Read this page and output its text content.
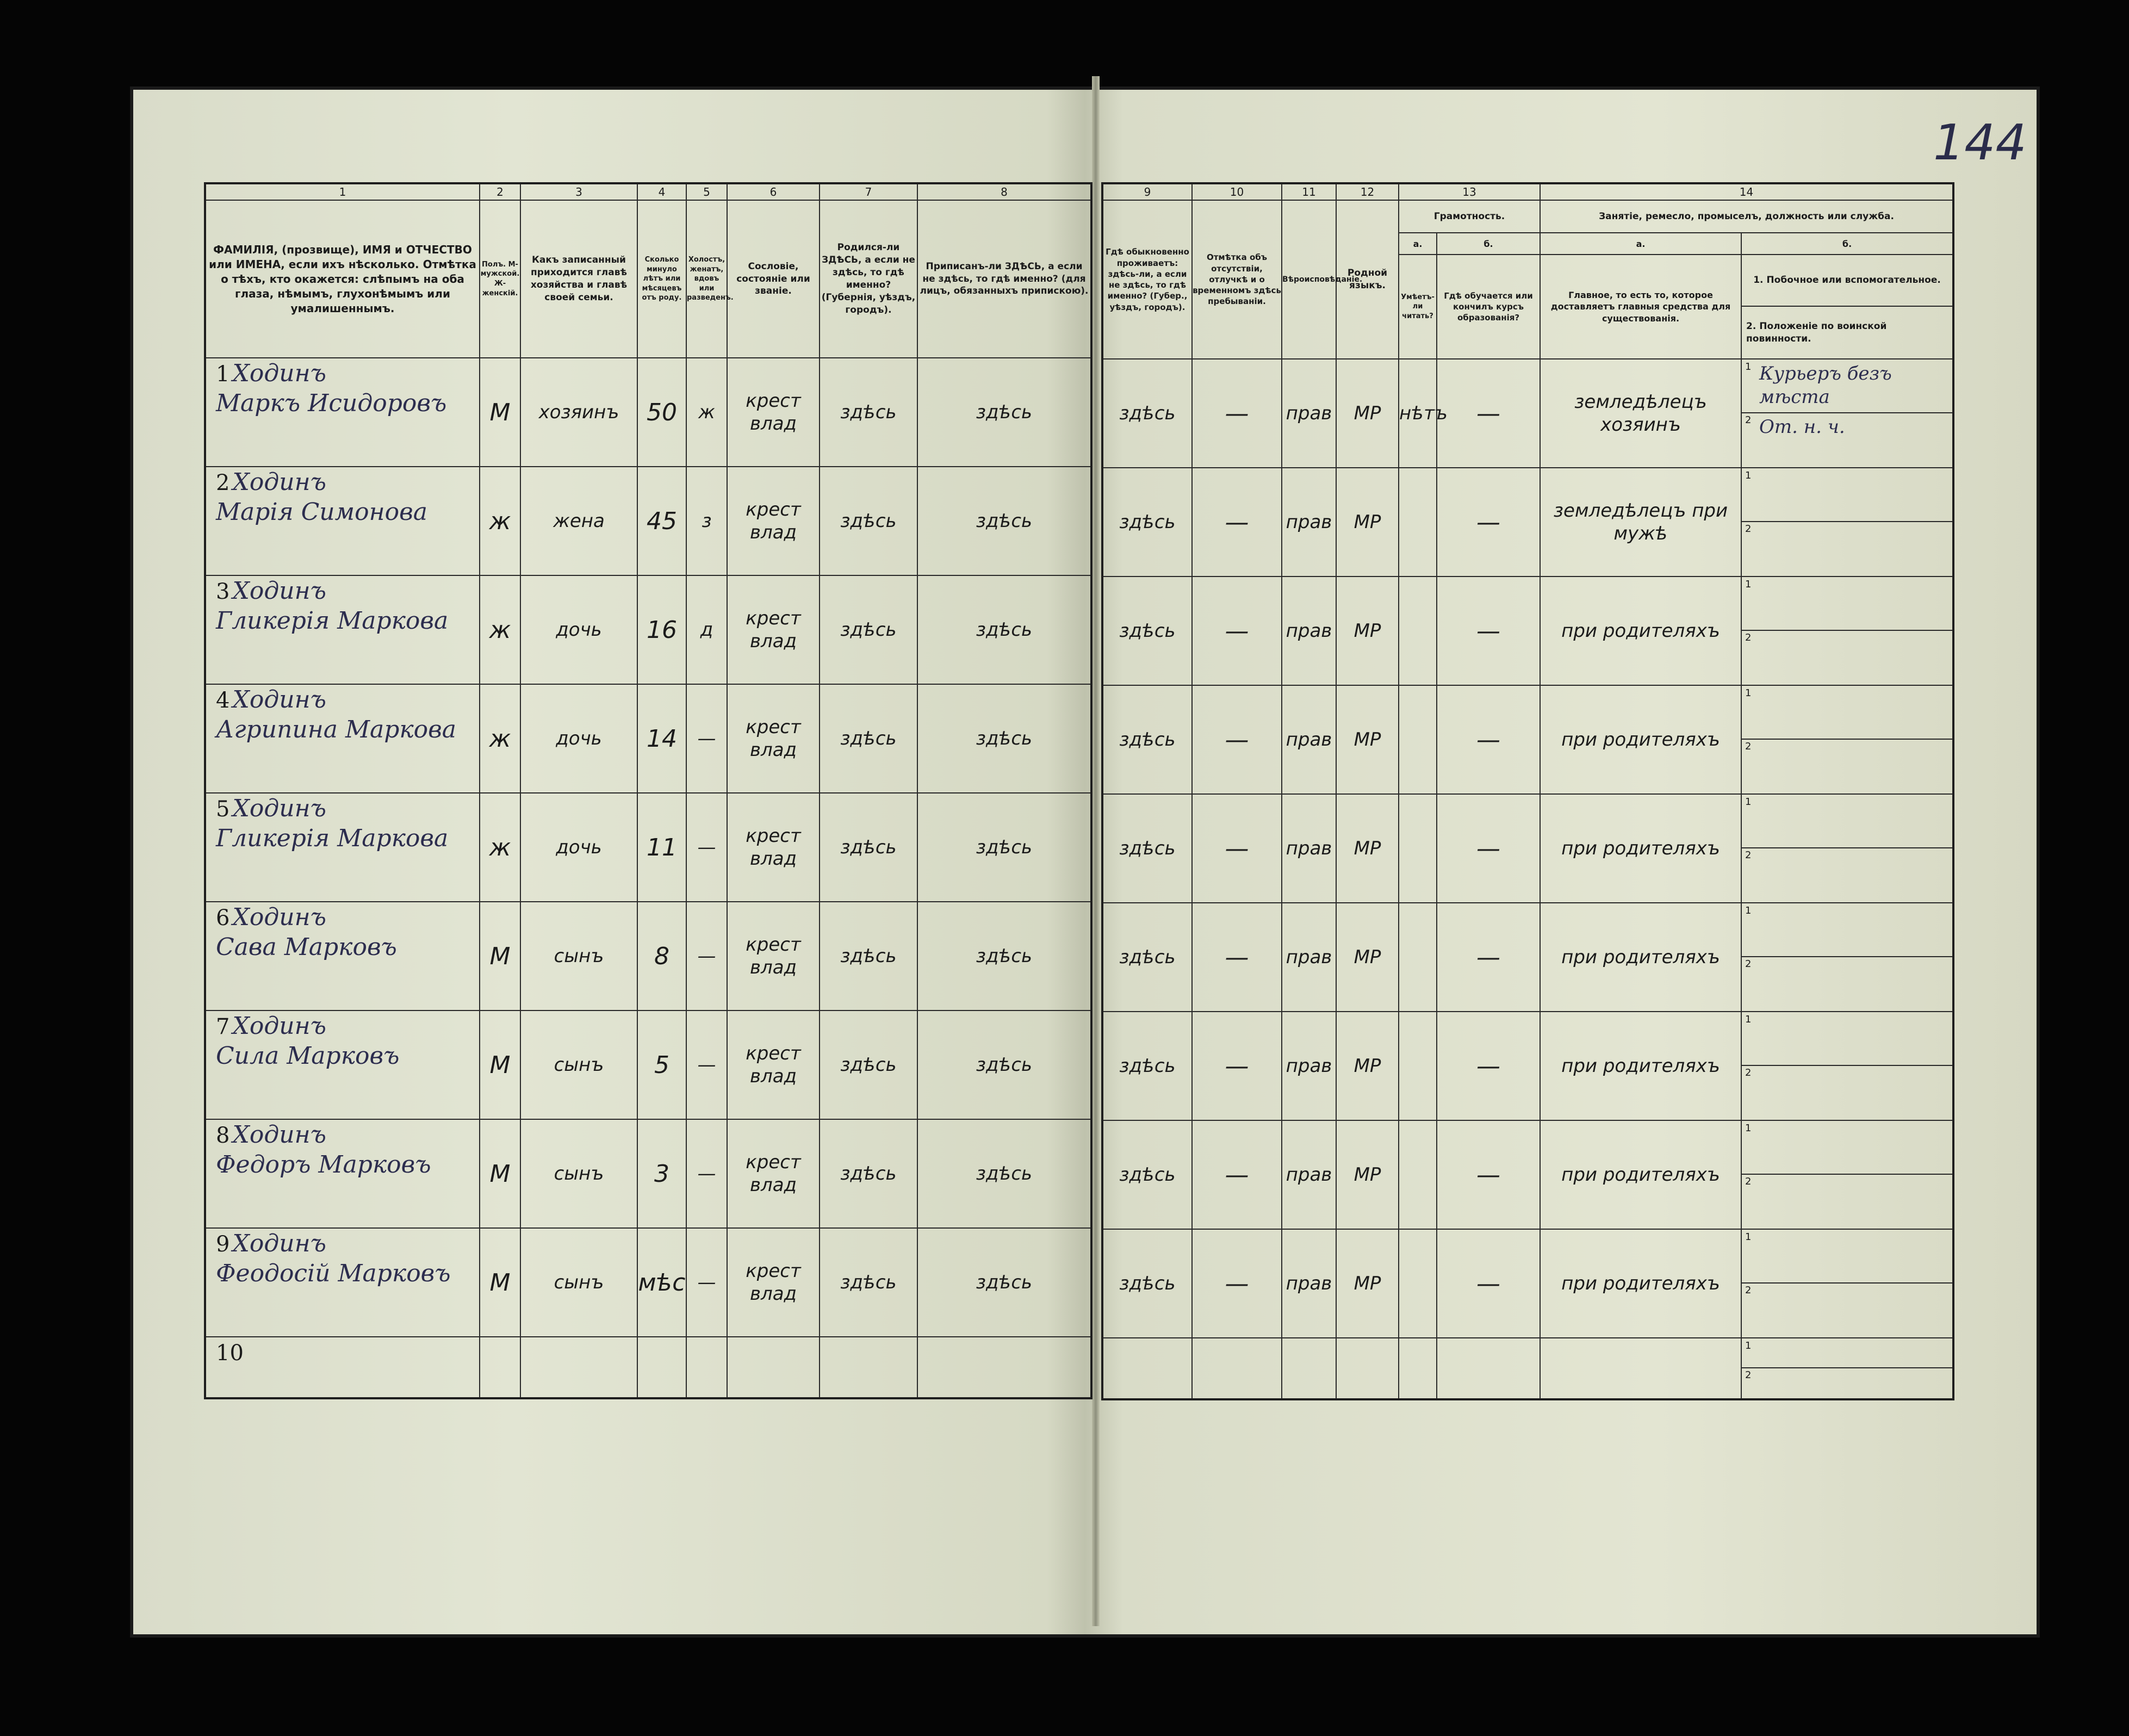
144
1	2	3	4	5	6	7	8
ФАМИЛІЯ, (прозвище), ИМЯ и ОТЧЕСТВО или ИМЕНА, если ихъ нѣсколько. Отмѣтка о тѣхъ, кто окажется: слѣпымъ на оба глаза, нѣмымъ, глухонѣмымъ или умалишеннымъ.	Полъ. М-мужской. Ж-женскій.	Какъ записанный приходится главѣ хозяйства и главѣ своей семьи.	Сколько минуло лѣтъ или мѣсяцевъ отъ роду.	Холостъ, женатъ, вдовъ или разведенъ.	Сословіе, состояніе или званіе.	Родился-ли ЗДѢСЬ, а если не здѣсь, то гдѣ именно? (Губернія, уѣздъ, городъ).	Приписанъ-ли ЗДѢСЬ, а если не здѣсь, то гдѣ именно? (для лицъ, обязанныхъ припискою).
1 Ходинъ
Маркъ Исидоровъ	М	хозяинъ	50	ж	крест влад	здѣсь	здѣсь
2 Ходинъ
Марія Симонова	ж	жена	45	з	крест влад	здѣсь	здѣсь
3 Ходинъ
Гликерія Маркова	ж	дочь	16	д	крест влад	здѣсь	здѣсь
4 Ходинъ
Агрипина Маркова	ж	дочь	14	—	крест влад	здѣсь	здѣсь
5 Ходинъ
Гликерія Маркова	ж	дочь	11	—	крест влад	здѣсь	здѣсь
6 Ходинъ
Сава Марковъ	М	сынъ	8	—	крест влад	здѣсь	здѣсь
7 Ходинъ
Сила Марковъ	М	сынъ	5	—	крест влад	здѣсь	здѣсь
8 Ходинъ
Федоръ Марковъ	М	сынъ	3	—	крест влад	здѣсь	здѣсь
9 Ходинъ
Феодосій Марковъ	М	сынъ	мѣс	—	крест влад	здѣсь	здѣсь
10

9	10	11	12	13		14	
Гдѣ обыкновенно проживаетъ: здѣсь-ли, а если не здѣсь, то гдѣ именно? (Губер., уѣздъ, городъ).	Отмѣтка объ отсутствіи, отлучкѣ и о временномъ здѣсь пребываніи.	Вѣроисповѣданіе.	Родной языкъ.	Грамотность.		Занятіе, ремесло, промыселъ, должность или служба.	
				а.	б.	а.	б.
				Умѣетъ-ли читать?	Гдѣ обучается или кончилъ курсъ образованія?	Главное, то есть то, которое доставляетъ главныя средства для существованія.	1. Побочное или вспомогательное.
2. Положеніе по воинской повинности.

здѣсь	—	прав	МР	нѣтъ	—	земледѣлецъ хозяинъ	1 Курьеръ безъ мѣста
2 От. н. ч.

здѣсь	—	прав	МР		—	земледѣлецъ при мужѣ	1
2

здѣсь	—	прав	МР		—	при родителяхъ	1
2

здѣсь	—	прав	МР		—	при родителяхъ	1
2

здѣсь	—	прав	МР		—	при родителяхъ	1
2

здѣсь	—	прав	МР		—	при родителяхъ	1
2

здѣсь	—	прав	МР		—	при родителяхъ	1
2

здѣсь	—	прав	МР		—	при родителяхъ	1
2

здѣсь	—	прав	МР		—	при родителяхъ	1
2

							1
2
